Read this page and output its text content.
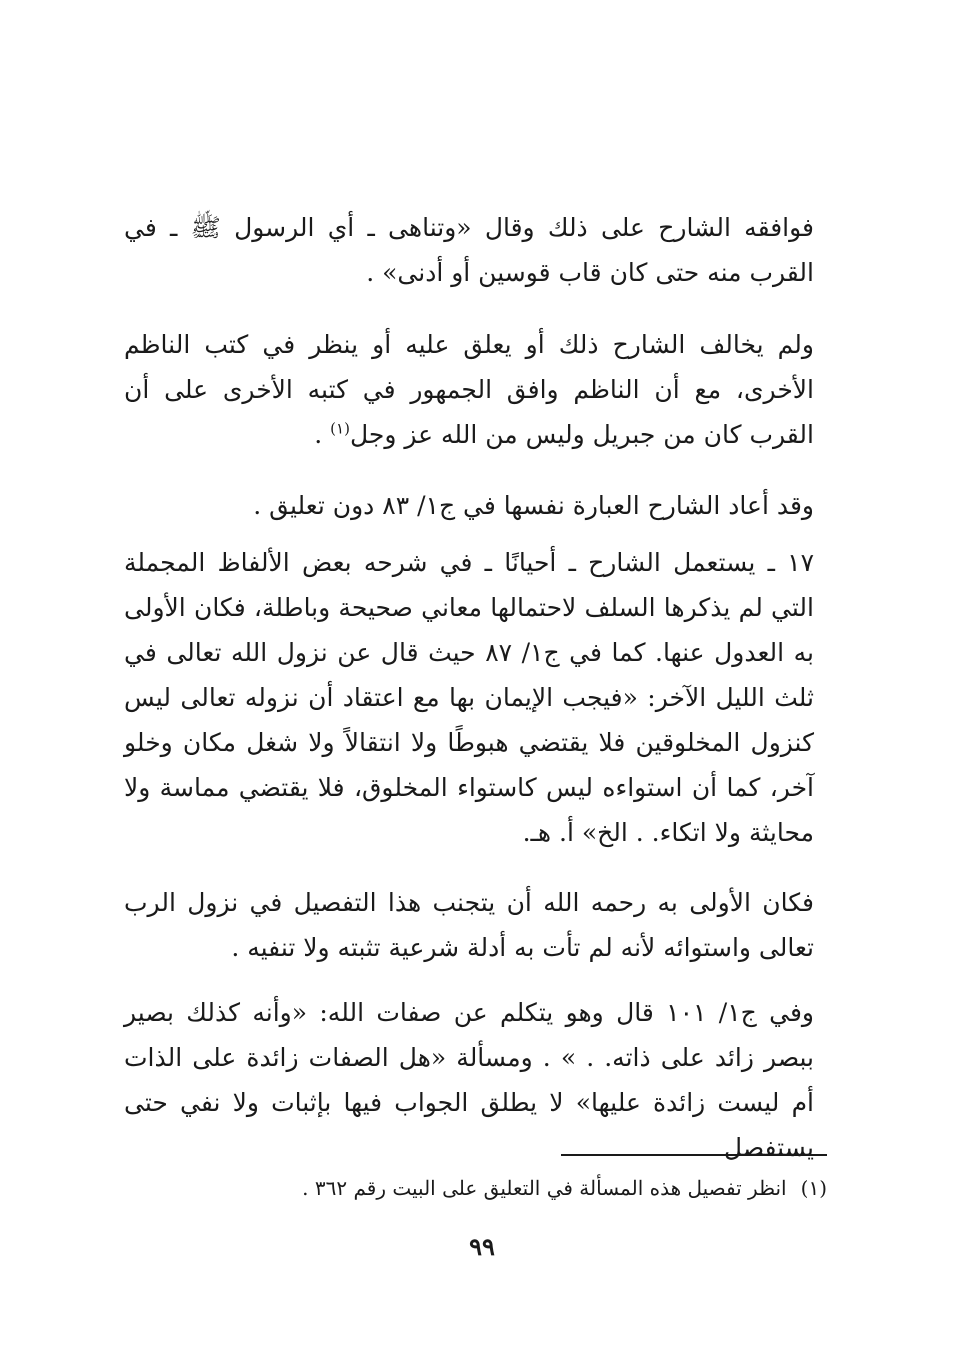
فوافقه الشارح على ذلك وقال «وتناهى ـ أي الرسول ﷺ ـ في القرب منه حتى كان قاب قوسين أو أدنى» .

ولم يخالف الشارح ذلك أو يعلق عليه أو ينظر في كتب الناظم الأخرى، مع أن الناظم وافق الجمهور في كتبه الأخرى على أن القرب كان من جبريل وليس من الله عز وجل$^{(١)}$ .

وقد أعاد الشارح العبارة نفسها في ج١/ ٨٣ دون تعليق .

١٧ ـ يستعمل الشارح ـ أحيانًا ـ في شرحه بعض الألفاظ المجملة التي لم يذكرها السلف لاحتمالها معاني صحيحة وباطلة، فكان الأولى به العدول عنها. كما في ج١/ ٨٧ حيث قال عن نزول الله تعالى في ثلث الليل الآخر: «فيجب الإيمان بها مع اعتقاد أن نزوله تعالى ليس كنزول المخلوقين فلا يقتضي هبوطًا ولا انتقالاً ولا شغل مكان وخلو آخر، كما أن استواءه ليس كاستواء المخلوق، فلا يقتضي مماسة ولا محايثة ولا اتكاء. . الخ» أ. هـ.

فكان الأولى به رحمه الله أن يتجنب هذا التفصيل في نزول الرب تعالى واستوائه لأنه لم تأت به أدلة شرعية تثبته ولا تنفيه .

وفي ج١/ ١٠١ قال وهو يتكلم عن صفات الله: «وأنه كذلك بصير ببصر زائد على ذاته. . » . ومسألة «هل الصفات زائدة على الذات أم ليست زائدة عليها» لا يطلق الجواب فيها بإثبات ولا نفي حتى يستفصل

(١)انظر تفصيل هذه المسألة في التعليق على البيت رقم ٣٦٢ .
٩٩
